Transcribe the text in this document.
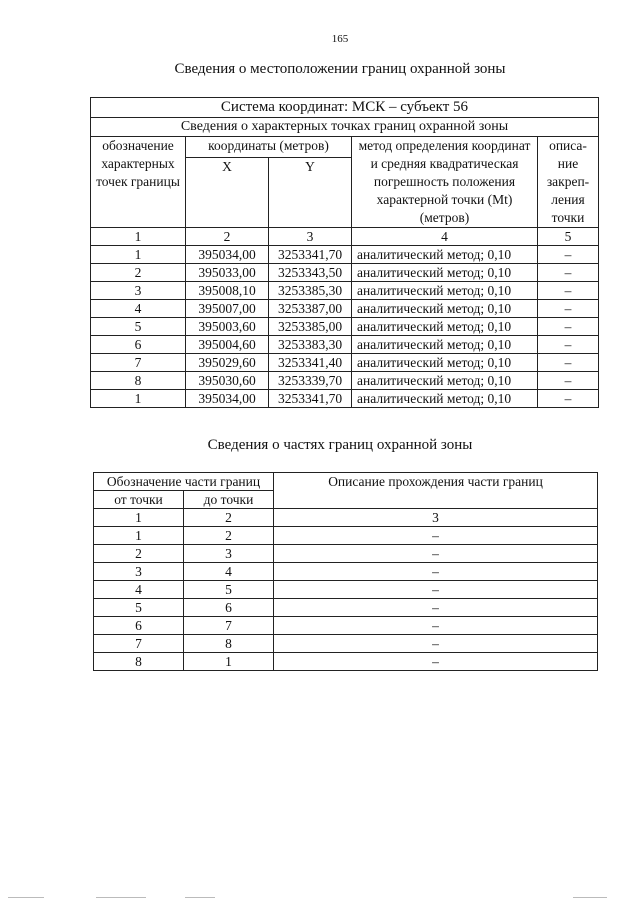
165
Сведения о местоположении границ охранной зоны
Система координат: МСК – субъект 56				
Сведения о характерных точках границ охранной зоны				
обозначение характерных точек границы	координаты (метров)		метод определения координат и средняя квадратическая погрешность положения характерной точки (Mt) (метров)	описа-ние закреп-ления точки
	X	Y		
1	2	3	4	5
1	395034,00	3253341,70	аналитический метод; 0,10	–
2	395033,00	3253343,50	аналитический метод; 0,10	–
3	395008,10	3253385,30	аналитический метод; 0,10	–
4	395007,00	3253387,00	аналитический метод; 0,10	–
5	395003,60	3253385,00	аналитический метод; 0,10	–
6	395004,60	3253383,30	аналитический метод; 0,10	–
7	395029,60	3253341,40	аналитический метод; 0,10	–
8	395030,60	3253339,70	аналитический метод; 0,10	–
1	395034,00	3253341,70	аналитический метод; 0,10	–
Сведения о частях границ охранной зоны
Обозначение части границ		Описание прохождения части границ
от точки	до точки	
1	2	3
1	2	–
2	3	–
3	4	–
4	5	–
5	6	–
6	7	–
7	8	–
8	1	–
